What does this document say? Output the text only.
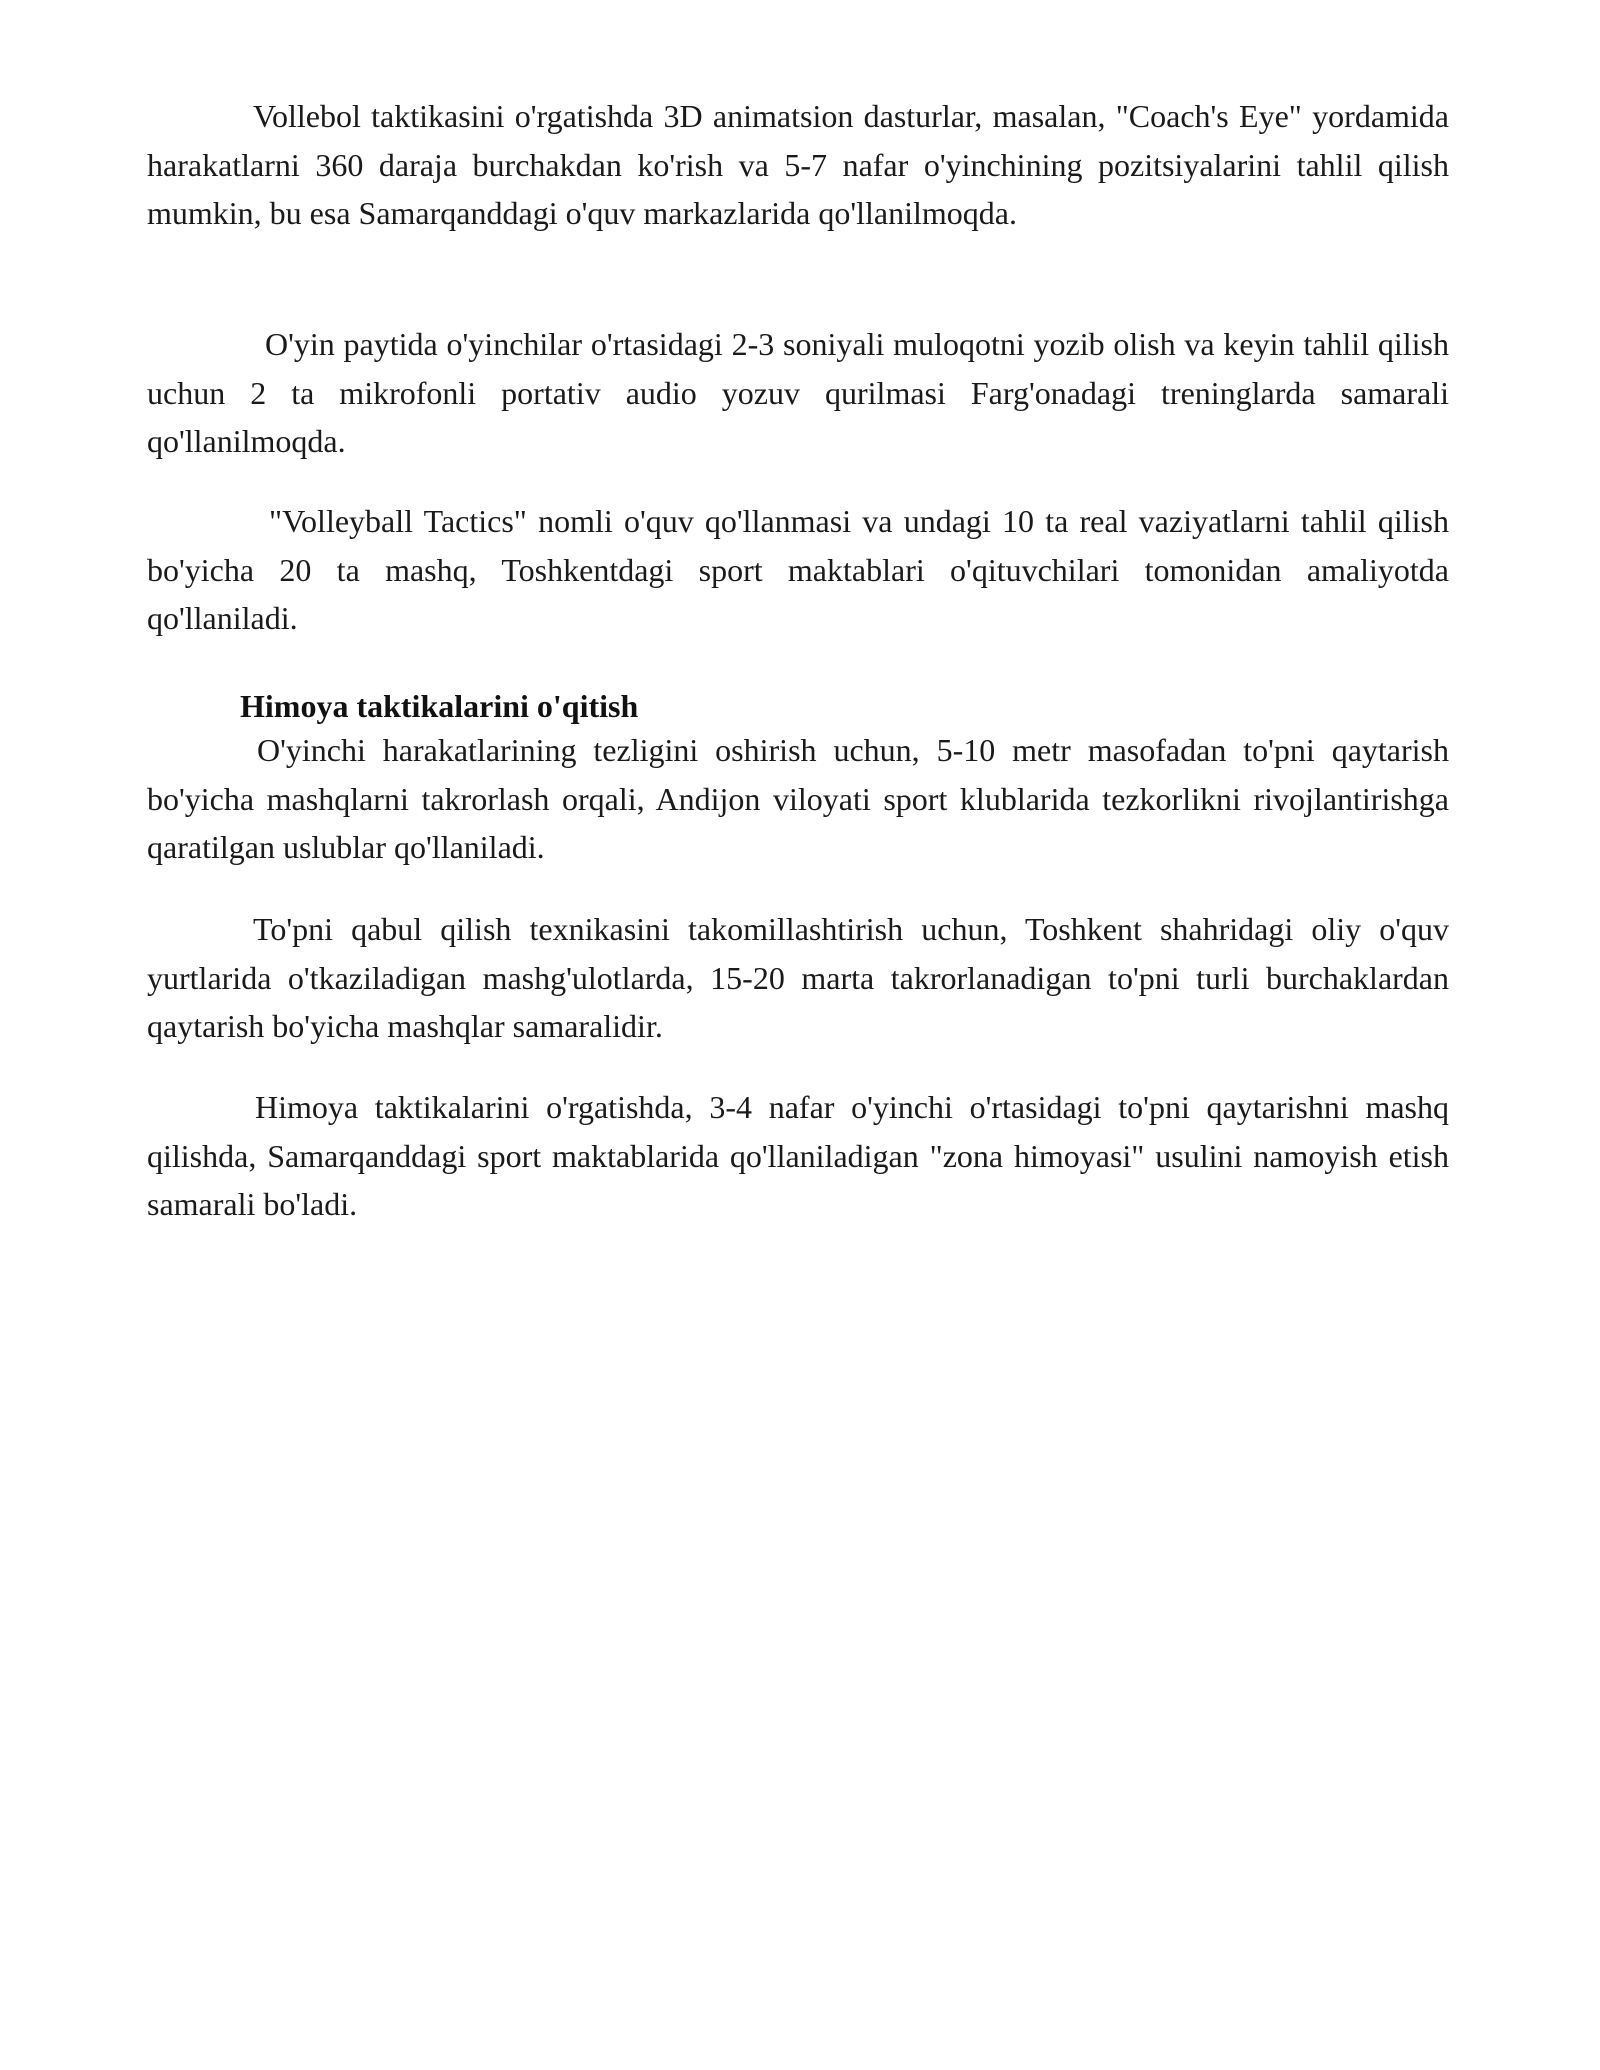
Vollebol taktikasini o'rgatishda 3D animatsion dasturlar, masalan, "Coach's Eye" yordamida harakatlarni 360 daraja burchakdan ko'rish va 5-7 nafar o'yinchining pozitsiyalarini tahlil qilish mumkin, bu esa Samarqanddagi o'quv markazlarida qo'llanilmoqda.

O'yin paytida o'yinchilar o'rtasidagi 2-3 soniyali muloqotni yozib olish va keyin tahlil qilish uchun 2 ta mikrofonli portativ audio yozuv qurilmasi Farg'onadagi treninglarda samarali qo'llanilmoqda.

"Volleyball Tactics" nomli o'quv qo'llanmasi va undagi 10 ta real vaziyatlarni tahlil qilish bo'yicha 20 ta mashq, Toshkentdagi sport maktablari o'qituvchilari tomonidan amaliyotda qo'llaniladi.

Himoya taktikalarini o'qitish

O'yinchi harakatlarining tezligini oshirish uchun, 5-10 metr masofadan to'pni qaytarish bo'yicha mashqlarni takrorlash orqali, Andijon viloyati sport klublarida tezkorlikni rivojlantirishga qaratilgan uslublar qo'llaniladi.

To'pni qabul qilish texnikasini takomillashtirish uchun, Toshkent shahridagi oliy o'quv yurtlarida o'tkaziladigan mashg'ulotlarda, 15-20 marta takrorlanadigan to'pni turli burchaklardan qaytarish bo'yicha mashqlar samaralidir.

Himoya taktikalarini o'rgatishda, 3-4 nafar o'yinchi o'rtasidagi to'pni qaytarishni mashq qilishda, Samarqanddagi sport maktablarida qo'llaniladigan "zona himoyasi" usulini namoyish etish samarali bo'ladi.
